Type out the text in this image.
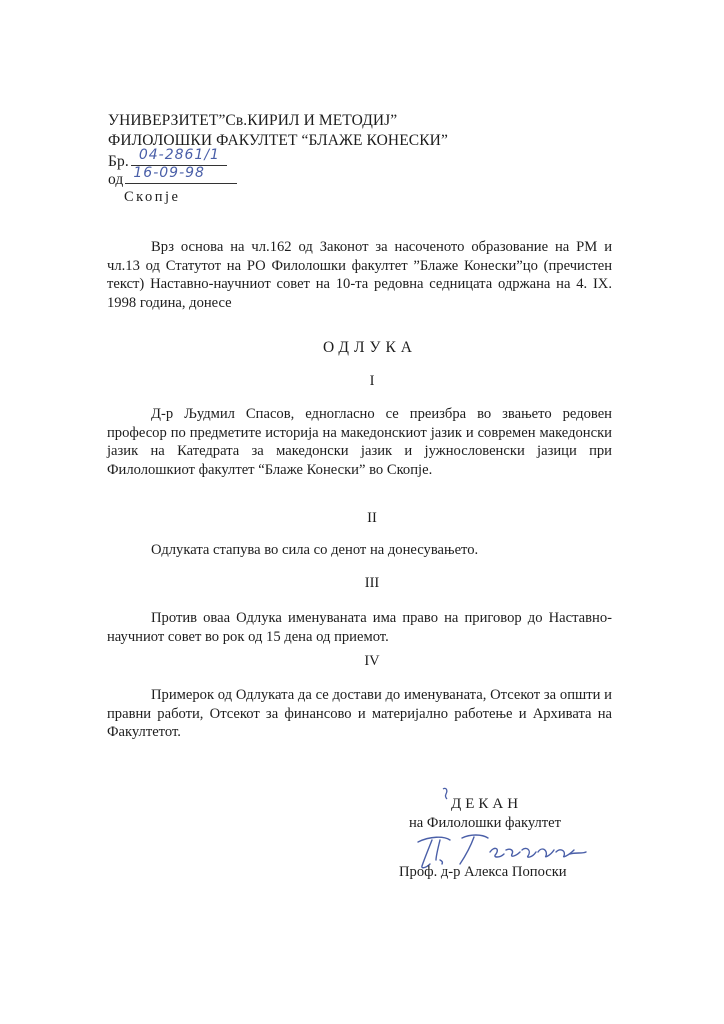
УНИВЕРЗИТЕТ”Св.КИРИЛ И МЕТОДИЈ”
ФИЛОЛОШКИ ФАКУЛТЕТ “БЛАЖЕ КОНЕСКИ”
Бр. 04-2861/1
од 16-09-98
Скопје

Врз основа на чл.162 од Законот за насоченото образование на РМ и чл.13 од Статутот на РО Филолошки факултет ”Блаже Конески”цо (пречистен текст) Наставно-научниот совет на 10-та редовна седницата одржана на 4. IX. 1998 година, донесе

ОДЛУКА
I

Д-р Људмил Спасов, едногласно се преизбра во звањето редовен професор по предметите историја на македонскиот јазик и современ македонски јазик на Катедрата за македонски јазик и јужнословенски јазици при Филолошкиот факултет “Блаже Конески” во Скопје.

II

Одлуката стапува во сила со денот на донесувањето.

III

Против оваа Одлука именуваната има право на приговор до Наставно-научниот совет во рок од 15 дена од приемот.

IV

Примерок од Одлуката да се достави до именуваната, Отсекот за општи и правни работи, Отсекот за финансово и материјално работење и Архивата на Факултетот.

ДЕКАН
на Филолошки факултет
Проф. д-р Алекса Попоски
